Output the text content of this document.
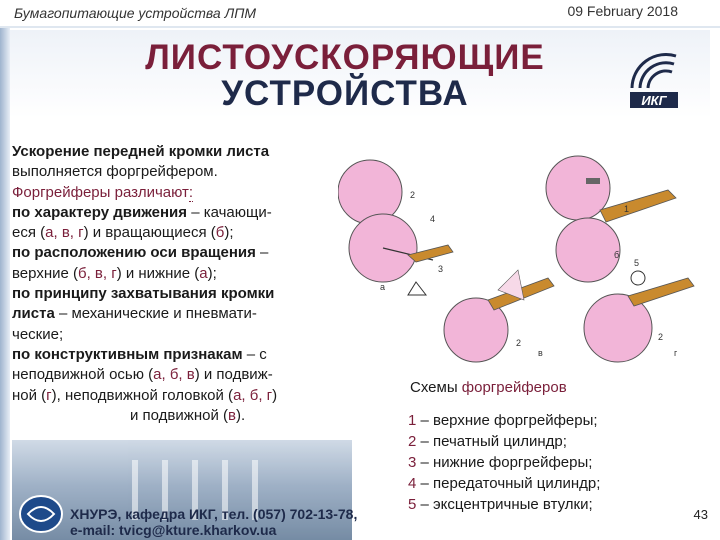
Бумагопитающие устройства ЛПМ	09 February 2018
ЛИСТОУСКОРЯЮЩИЕ
УСТРОЙСТВА	ИКГ
Ускорение передней кромки листа
выполняется форгрейфером.
Форгрейферы различают:
по характеру движения – качающи-
еся (а, в, г) и вращающиеся (б);
по расположению оси вращения –
верхние (б, в, г) и нижние (а);
по принципу захватывания кромки
листа – механические и пневмати-
ческие;
по конструктивным признакам – с
неподвижной осью (а, б, в) и подвиж-
ной (г), неподвижной головкой (а, б, г)
и подвижной (в).
2
4
3
а
1
б
2
в
5
2
г
Схемы форгрейферов
1 – верхние форгрейферы;
2 – печатный цилиндр;
3 – нижние форгрейферы;
4 – передаточный цилиндр;
5 – эксцентричные втулки;
ХНУРЭ, кафедра ИКГ, тел. (057) 702-13-78,
e-mail: tvicg@kture.kharkov.ua
43
